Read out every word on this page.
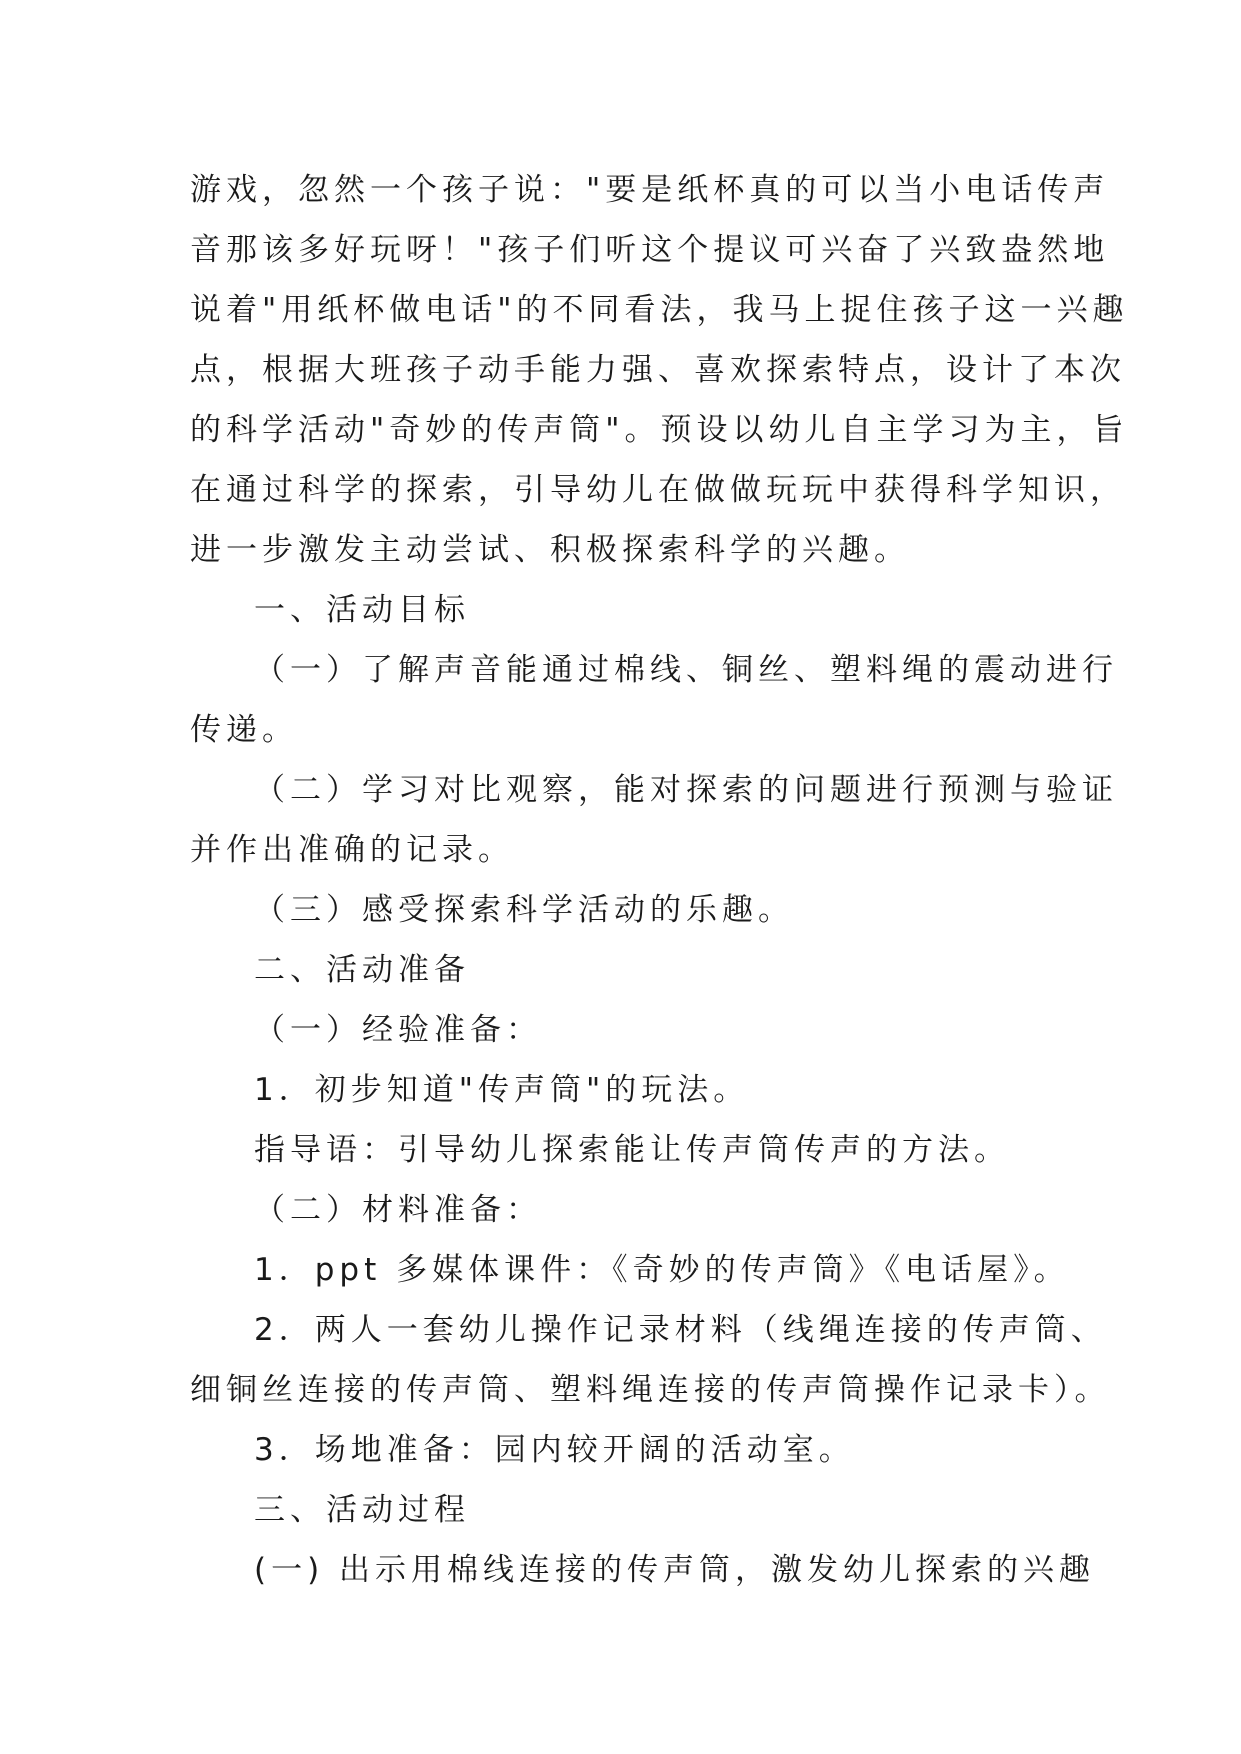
游戏，忽然一个孩子说："要是纸杯真的可以当小电话传声
音那该多好玩呀！"孩子们听这个提议可兴奋了兴致盎然地
说着"用纸杯做电话"的不同看法，我马上捉住孩子这一兴趣
点，根据大班孩子动手能力强、喜欢探索特点，设计了本次
的科学活动"奇妙的传声筒"。预设以幼儿自主学习为主，旨
在通过科学的探索，引导幼儿在做做玩玩中获得科学知识，
进一步激发主动尝试、积极探索科学的兴趣。
一、活动目标
（一）了解声音能通过棉线、铜丝、塑料绳的震动进行
传递。
（二）学习对比观察，能对探索的问题进行预测与验证
并作出准确的记录。
（三）感受探索科学活动的乐趣。
二、活动准备
（一）经验准备：
1．初步知道"传声筒"的玩法。
指导语：引导幼儿探索能让传声筒传声的方法。
（二）材料准备：
1．ppt 多媒体课件：《奇妙的传声筒》《电话屋》。
2．两人一套幼儿操作记录材料（线绳连接的传声筒、
细铜丝连接的传声筒、塑料绳连接的传声筒操作记录卡）。
3．场地准备：园内较开阔的活动室。
三、活动过程
(一) 出示用棉线连接的传声筒，激发幼儿探索的兴趣
